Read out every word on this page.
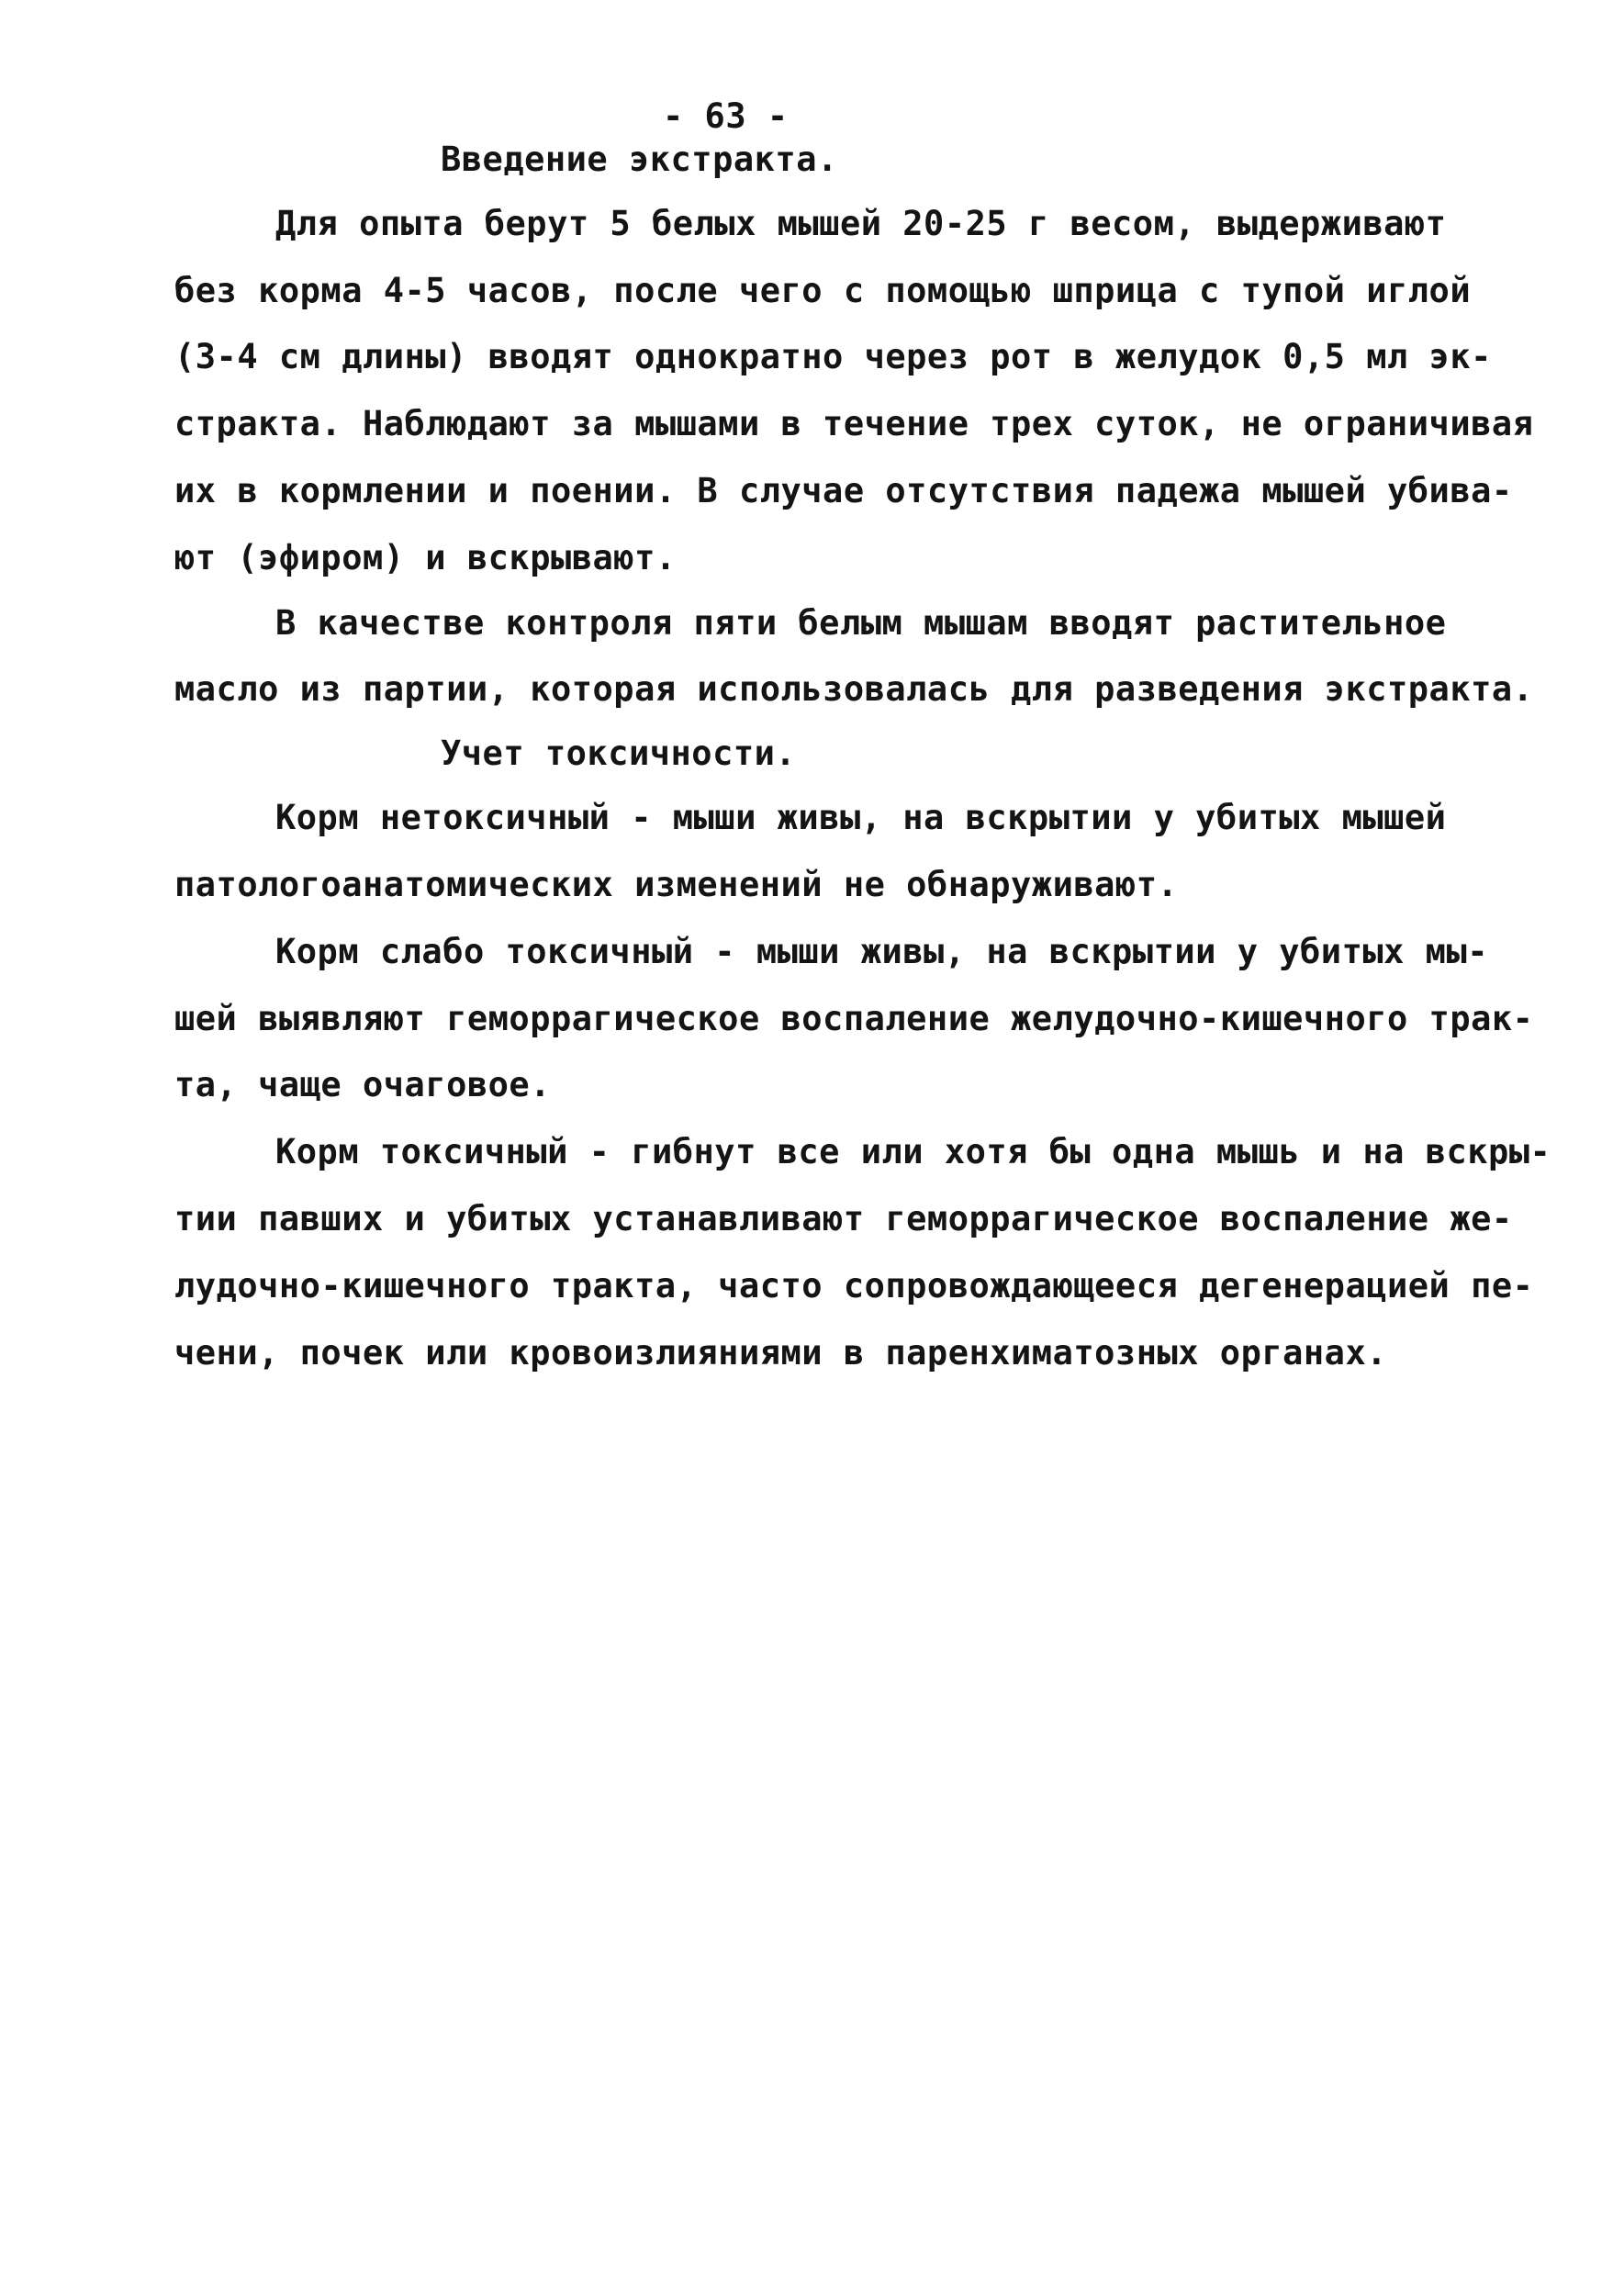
- 63 -
Введение экстракта.
Для опыта берут 5 белых мышей 20-25 г весом, выдерживают
без корма 4-5 часов, после чего с помощью шприца с тупой иглой
(3-4 см длины) вводят однократно через рот в желудок 0,5 мл эк-
стракта. Наблюдают за мышами в течение трех суток, не ограничивая
их в кормлении и поении. В случае отсутствия падежа мышей убива-
ют (эфиром) и вскрывают.
В качестве контроля пяти белым мышам вводят растительное
масло из партии, которая использовалась для разведения экстракта.
Учет токсичности.
Корм нетоксичный - мыши живы, на вскрытии у убитых мышей
патологоанатомических изменений не обнаруживают.
Корм слабо токсичный - мыши живы, на вскрытии у убитых мы-
шей выявляют геморрагическое воспаление желудочно-кишечного трак-
та, чаще очаговое.
Корм токсичный - гибнут все или хотя бы одна мышь и на вскры-
тии павших и убитых устанавливают геморрагическое воспаление же-
лудочно-кишечного тракта, часто сопровождающееся дегенерацией пе-
чени, почек или кровоизлияниями в паренхиматозных органах.
